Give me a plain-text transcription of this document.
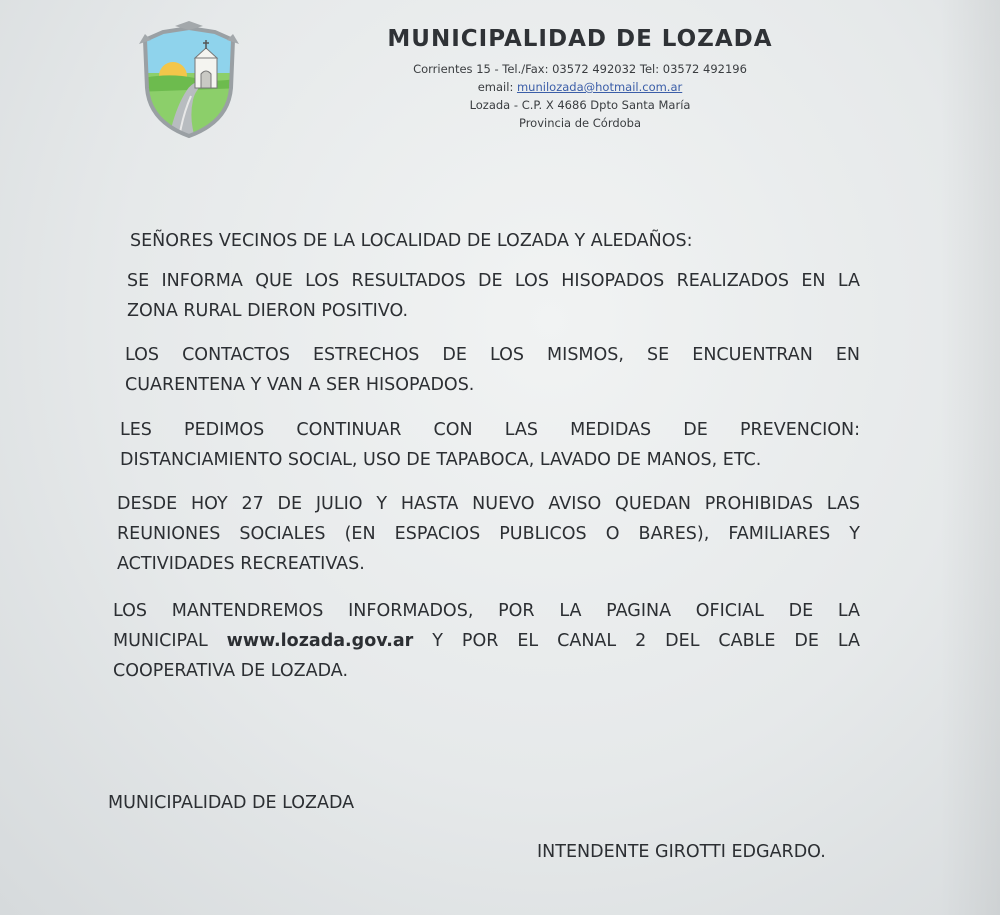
MUNICIPALIDAD DE LOZADA
Corrientes 15 - Tel./Fax: 03572 492032 Tel: 03572 492196
email: munilozada@hotmail.com.ar
Lozada - C.P. X 4686 Dpto Santa María
Provincia de Córdoba
SEÑORES VECINOS DE LA LOCALIDAD DE LOZADA Y ALEDAÑOS:
SE INFORMA QUE LOS RESULTADOS DE LOS HISOPADOS REALIZADOS EN LA
ZONA RURAL DIERON POSITIVO.
LOS CONTACTOS ESTRECHOS DE LOS MISMOS, SE ENCUENTRAN EN
CUARENTENA Y VAN A SER HISOPADOS.
LES PEDIMOS CONTINUAR CON LAS MEDIDAS DE PREVENCION:
DISTANCIAMIENTO SOCIAL, USO DE TAPABOCA, LAVADO DE MANOS, ETC.
DESDE HOY 27 DE JULIO Y HASTA NUEVO AVISO QUEDAN PROHIBIDAS LAS
REUNIONES SOCIALES (EN ESPACIOS PUBLICOS O BARES), FAMILIARES Y
ACTIVIDADES RECREATIVAS.
LOS MANTENDREMOS INFORMADOS, POR LA PAGINA OFICIAL DE LA
MUNICIPAL www.lozada.gov.ar Y POR EL CANAL 2 DEL CABLE DE LA
COOPERATIVA DE LOZADA.
MUNICIPALIDAD DE LOZADA
INTENDENTE GIROTTI EDGARDO.
